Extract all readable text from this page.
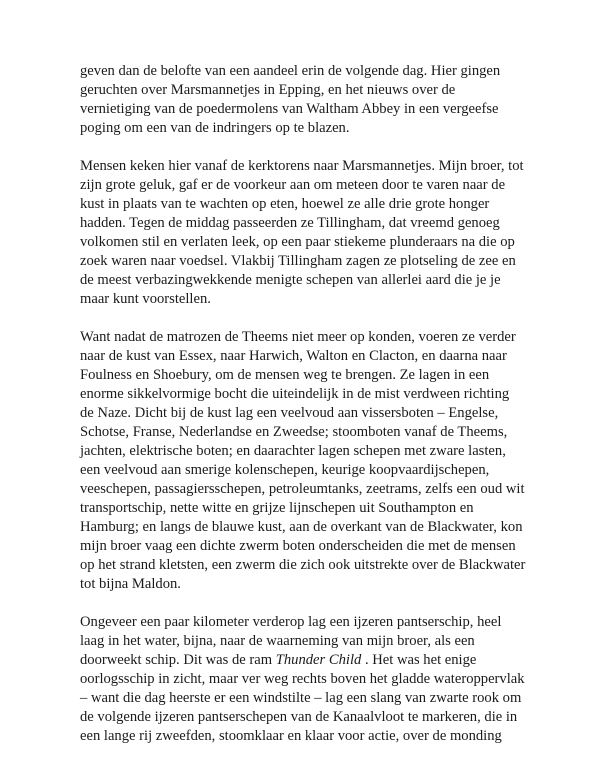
geven dan de belofte van een aandeel erin de volgende dag. Hier gingen
geruchten over Marsmannetjes in Epping, en het nieuws over de
vernietiging van de poedermolens van Waltham Abbey in een vergeefse
poging om een van de indringers op te blazen.

Mensen keken hier vanaf de kerktorens naar Marsmannetjes. Mijn broer, tot
zijn grote geluk, gaf er de voorkeur aan om meteen door te varen naar de
kust in plaats van te wachten op eten, hoewel ze alle drie grote honger
hadden. Tegen de middag passeerden ze Tillingham, dat vreemd genoeg
volkomen stil en verlaten leek, op een paar stiekeme plunderaars na die op
zoek waren naar voedsel. Vlakbij Tillingham zagen ze plotseling de zee en
de meest verbazingwekkende menigte schepen van allerlei aard die je je
maar kunt voorstellen.

Want nadat de matrozen de Theems niet meer op konden, voeren ze verder
naar de kust van Essex, naar Harwich, Walton en Clacton, en daarna naar
Foulness en Shoebury, om de mensen weg te brengen. Ze lagen in een
enorme sikkelvormige bocht die uiteindelijk in de mist verdween richting
de Naze. Dicht bij de kust lag een veelvoud aan vissersboten – Engelse,
Schotse, Franse, Nederlandse en Zweedse; stoomboten vanaf de Theems,
jachten, elektrische boten; en daarachter lagen schepen met zware lasten,
een veelvoud aan smerige kolenschepen, keurige koopvaardijschepen,
veeschepen, passagiersschepen, petroleumtanks, zeetrams, zelfs een oud wit
transportschip, nette witte en grijze lijnschepen uit Southampton en
Hamburg; en langs de blauwe kust, aan de overkant van de Blackwater, kon
mijn broer vaag een dichte zwerm boten onderscheiden die met de mensen
op het strand kletsten, een zwerm die zich ook uitstrekte over de Blackwater
tot bijna Maldon.

Ongeveer een paar kilometer verderop lag een ijzeren pantserschip, heel
laag in het water, bijna, naar de waarneming van mijn broer, als een
doorweekt schip. Dit was de ram Thunder Child . Het was het enige
oorlogsschip in zicht, maar ver weg rechts boven het gladde wateroppervlak
– want die dag heerste er een windstilte – lag een slang van zwarte rook om
de volgende ijzeren pantserschepen van de Kanaalvloot te markeren, die in
een lange rij zweefden, stoomklaar en klaar voor actie, over de monding
